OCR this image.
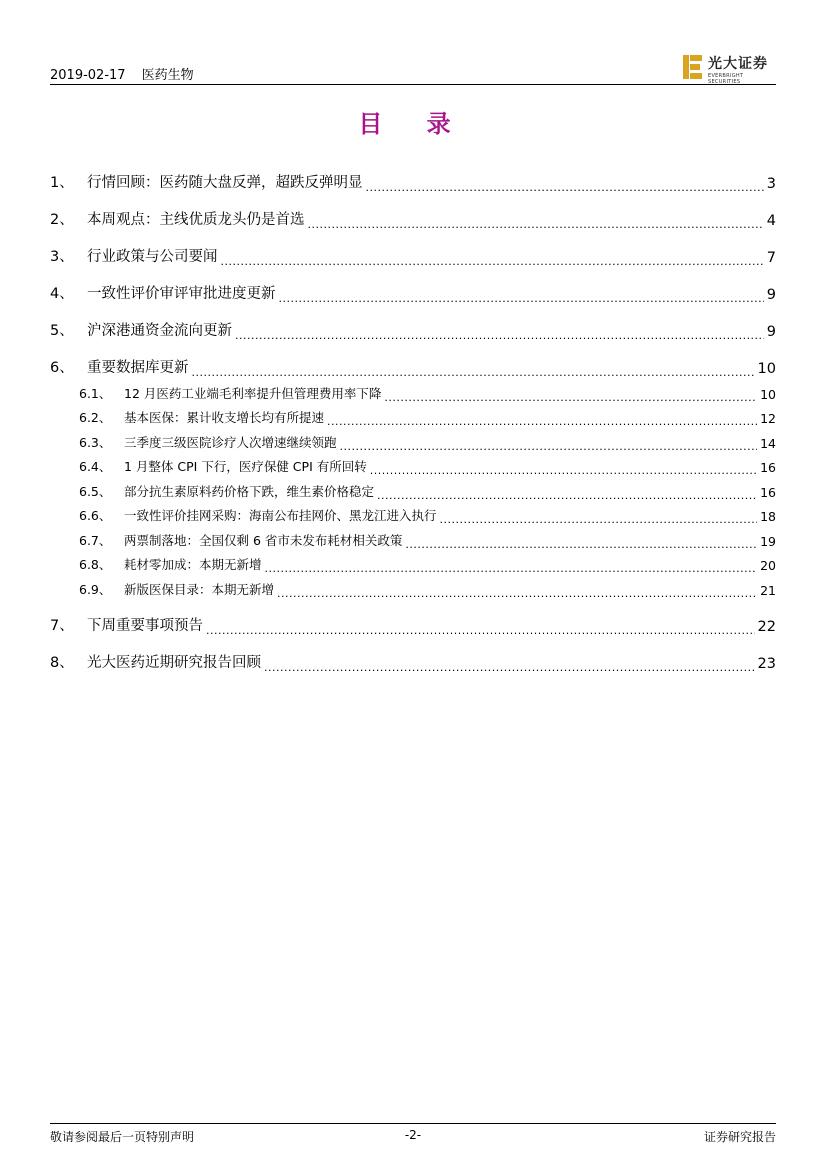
2019-02-17 医药生物
光大证券
EVERBRIGHT SECURITIES
目 录
1、 行情回顾：医药随大盘反弹，超跌反弹明显 .....	3
2、 本周观点：主线优质龙头仍是首选 .....	4
3、 行业政策与公司要闻 .....	7
4、 一致性评价审评审批进度更新 .....	9
5、 沪深港通资金流向更新 .....	9
6、 重要数据库更新 .....	10
6.1、	12 月医药工业端毛利率提升但管理费用率下降 .....	10
6.2、	基本医保：累计收支增长均有所提速 .....	12
6.3、	三季度三级医院诊疗人次增速继续领跑 .....	14
6.4、	1 月整体 CPI 下行，医疗保健 CPI 有所回转 .....	16
6.5、	部分抗生素原料药价格下跌，维生素价格稳定 .....	16
6.6、	一致性评价挂网采购：海南公布挂网价、黑龙江进入执行 .....	18
6.7、	两票制落地：全国仅剩 6 省市未发布耗材相关政策 .....	19
6.8、	耗材零加成：本期无新增 .....	20
6.9、	新版医保目录：本期无新增 .....	21
7、 下周重要事项预告 .....	22
8、 光大医药近期研究报告回顾 .....	23
敬请参阅最后一页特别声明	-2-	证券研究报告
